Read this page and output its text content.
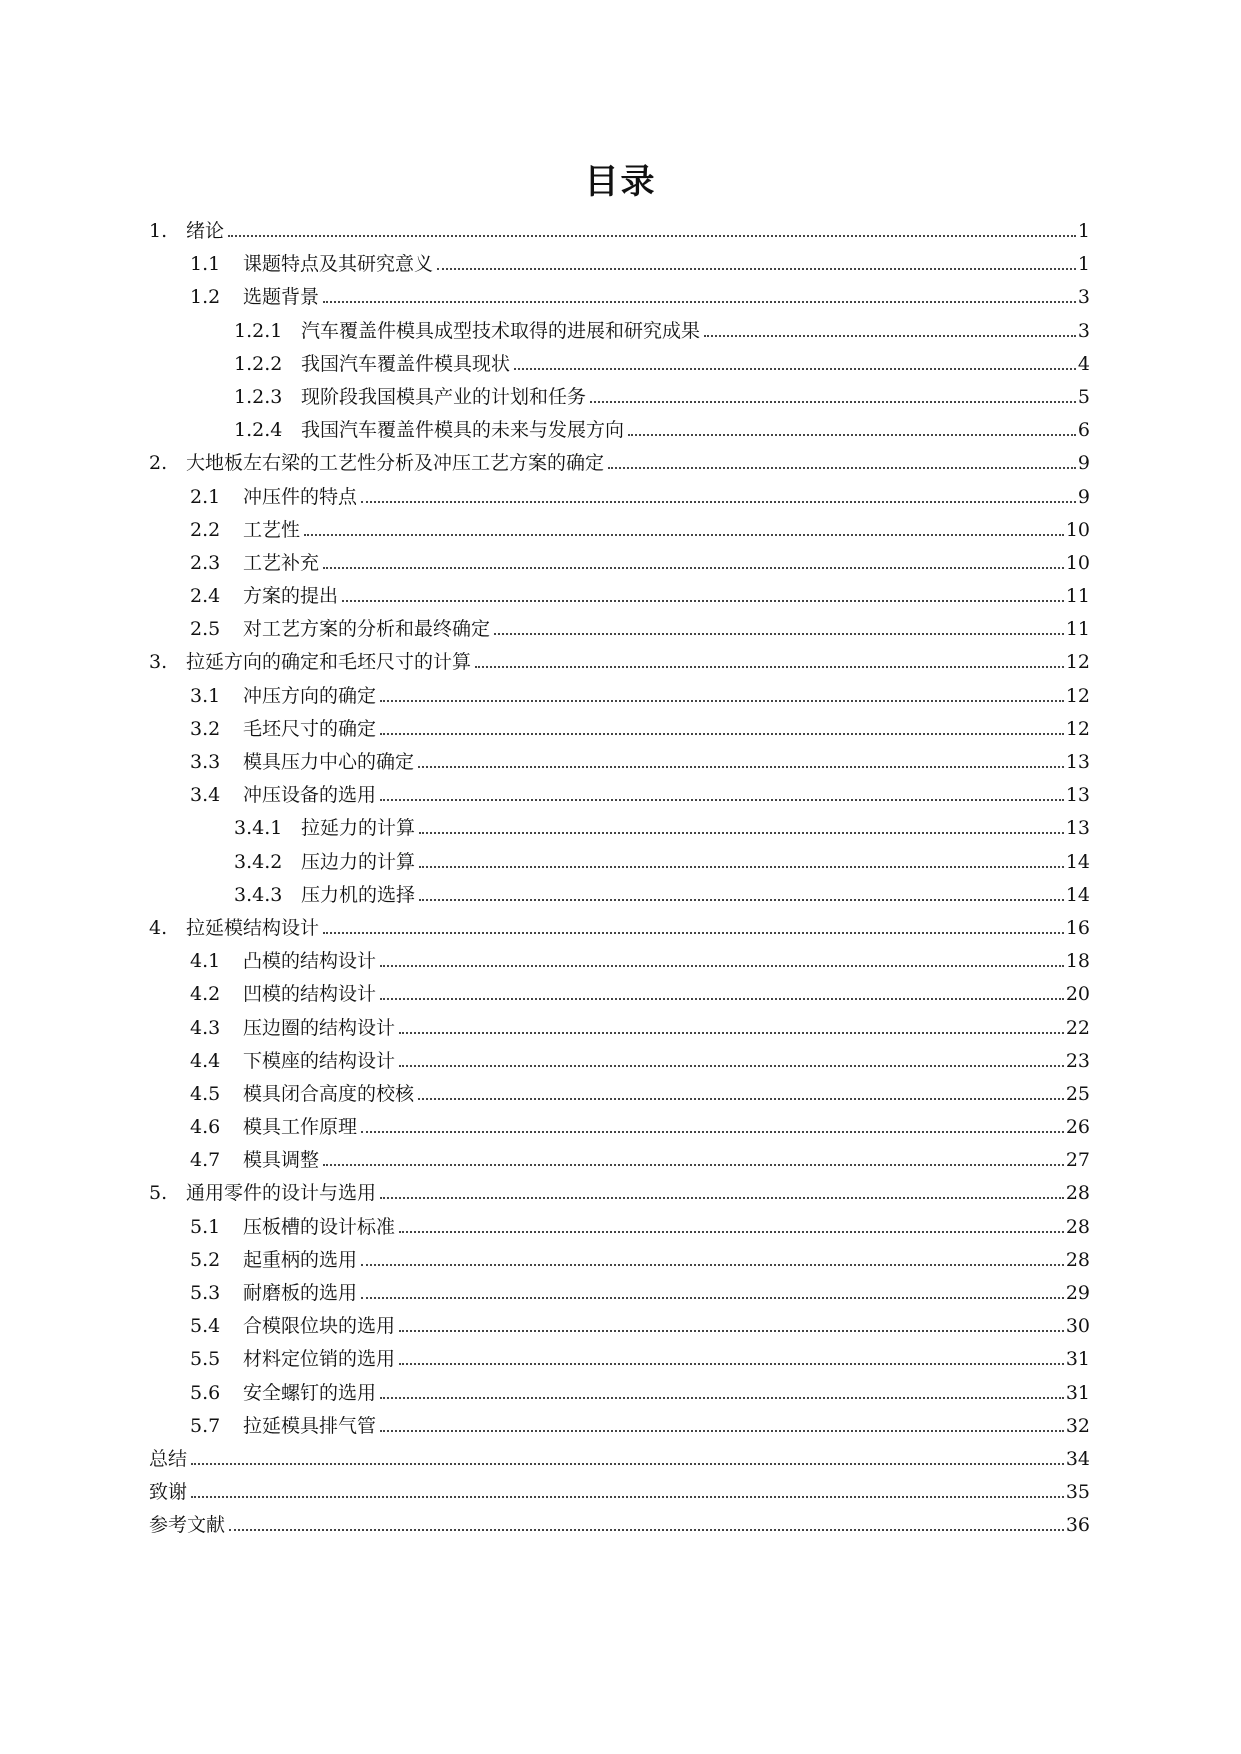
目录
1. 绪论	1
1.1	课题特点及其研究意义	1
1.2	选题背景	3
1.2.1 汽车覆盖件模具成型技术取得的进展和研究成果	3
1.2.2 我国汽车覆盖件模具现状	4
1.2.3 现阶段我国模具产业的计划和任务	5
1.2.4 我国汽车覆盖件模具的未来与发展方向	6
2. 大地板左右梁的工艺性分析及冲压工艺方案的确定	9
2.1	冲压件的特点	9
2.2	工艺性	10
2.3	工艺补充	10
2.4	方案的提出	11
2.5	对工艺方案的分析和最终确定	11
3. 拉延方向的确定和毛坯尺寸的计算	12
3.1	冲压方向的确定	12
3.2	毛坯尺寸的确定	12
3.3	模具压力中心的确定	13
3.4	冲压设备的选用	13
3.4.1 拉延力的计算	13
3.4.2 压边力的计算	14
3.4.3 压力机的选择	14
4. 拉延模结构设计	16
4.1	凸模的结构设计	18
4.2	凹模的结构设计	20
4.3	压边圈的结构设计	22
4.4	下模座的结构设计	23
4.5	模具闭合高度的校核	25
4.6	模具工作原理	26
4.7	模具调整	27
5. 通用零件的设计与选用	28
5.1	压板槽的设计标准	28
5.2	起重柄的选用	28
5.3	耐磨板的选用	29
5.4	合模限位块的选用	30
5.5	材料定位销的选用	31
5.6	安全螺钉的选用	31
5.7	拉延模具排气管	32
总结	34
致谢	35
参考文献	36
